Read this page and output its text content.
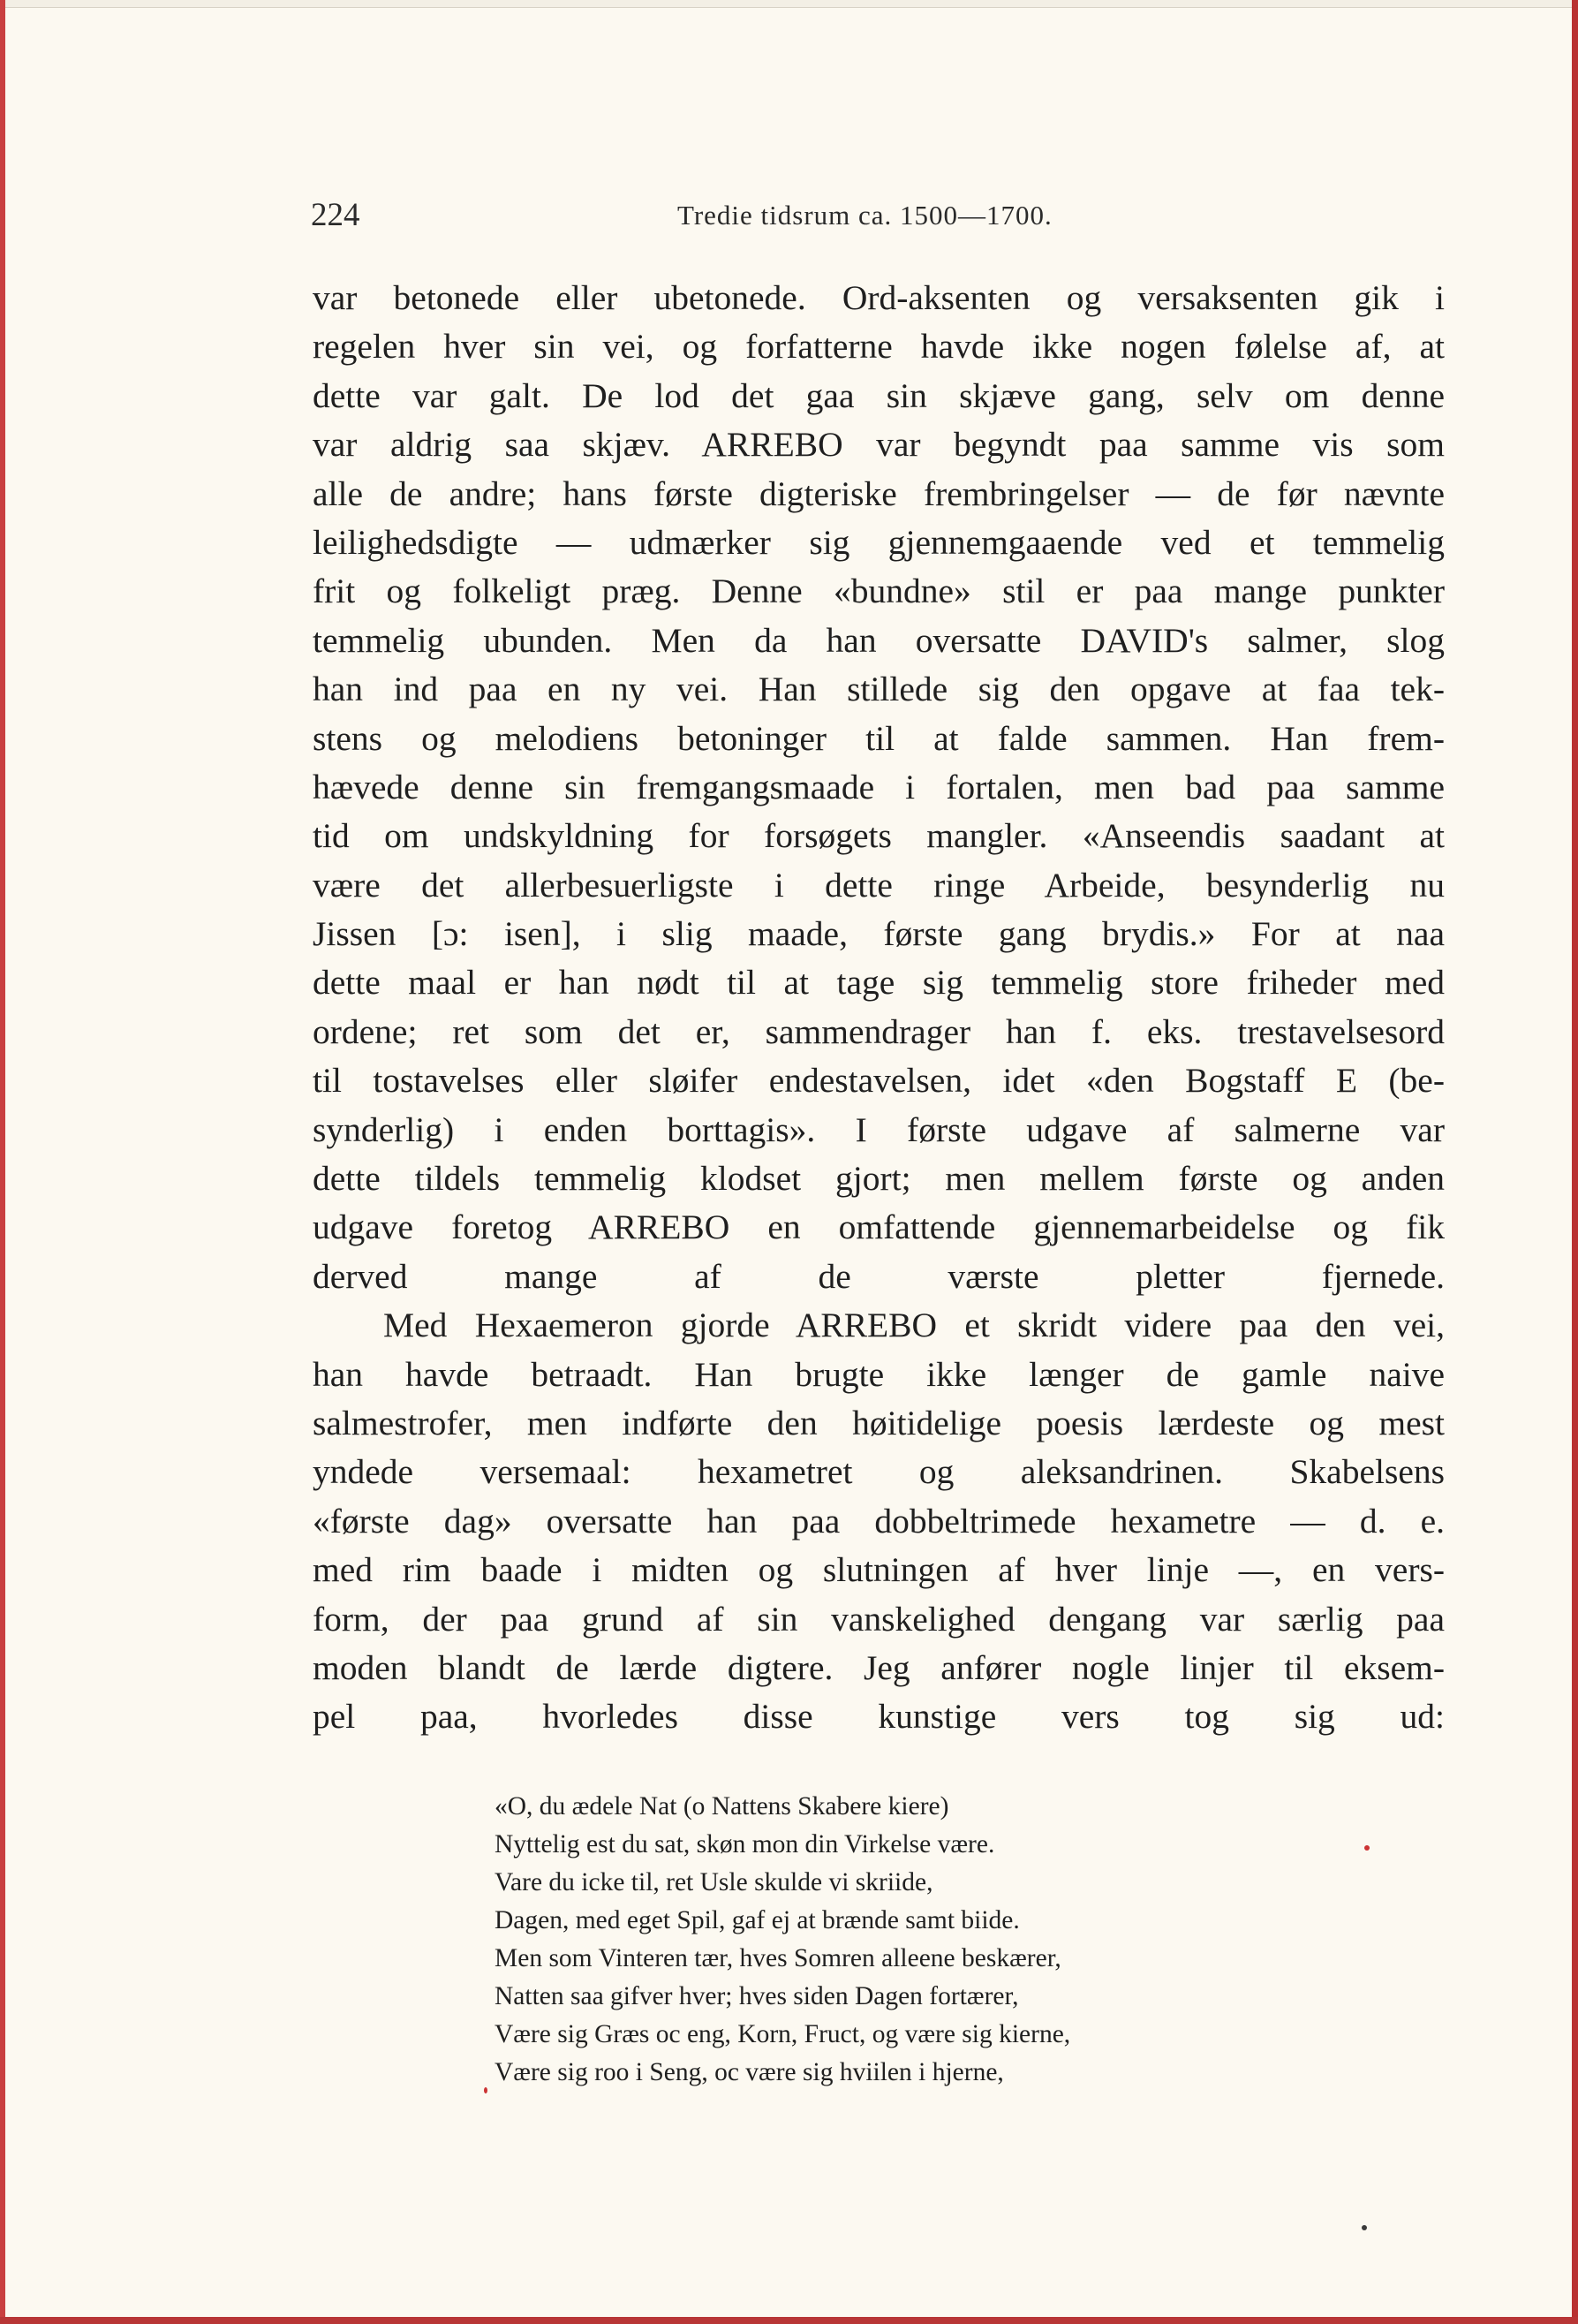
224	Tredie tidsrum ca. 1500—1700.
var betonede eller ubetonede. Ord-aksenten og versaksenten gik i
regelen hver sin vei, og forfatterne havde ikke nogen følelse af, at
dette var galt. De lod det gaa sin skjæve gang, selv om denne
var aldrig saa skjæv. ARREBO var begyndt paa samme vis som
alle de andre; hans første digteriske frembringelser — de før nævnte
leilighedsdigte — udmærker sig gjennemgaaende ved et temmelig
frit og folkeligt præg. Denne «bundne» stil er paa mange punkter
temmelig ubunden. Men da han oversatte DAVID's salmer, slog
han ind paa en ny vei. Han stillede sig den opgave at faa tek-
stens og melodiens betoninger til at falde sammen. Han frem-
hævede denne sin fremgangsmaade i fortalen, men bad paa samme
tid om undskyldning for forsøgets mangler. «Anseendis saadant at
være det allerbesuerligste i dette ringe Arbeide, besynderlig nu
Jissen [ɔ: isen], i slig maade, første gang brydis.» For at naa
dette maal er han nødt til at tage sig temmelig store friheder med
ordene; ret som det er, sammendrager han f. eks. trestavelsesord
til tostavelses eller sløifer endestavelsen, idet «den Bogstaff E (be-
synderlig) i enden borttagis». I første udgave af salmerne var
dette tildels temmelig klodset gjort; men mellem første og anden
udgave foretog ARREBO en omfattende gjennemarbeidelse og fik
derved mange af de værste pletter fjernede.
Med Hexaemeron gjorde ARREBO et skridt videre paa den vei,
han havde betraadt. Han brugte ikke længer de gamle naive
salmestrofer, men indførte den høitidelige poesis lærdeste og mest
yndede versemaal: hexametret og aleksandrinen. Skabelsens
«første dag» oversatte han paa dobbeltrimede hexametre — d. e.
med rim baade i midten og slutningen af hver linje —, en vers-
form, der paa grund af sin vanskelighed dengang var særlig paa
moden blandt de lærde digtere. Jeg anfører nogle linjer til eksem-
pel paa, hvorledes disse kunstige vers tog sig ud:
«O, du ædele Nat (o Nattens Skabere kiere)
Nyttelig est du sat, skøn mon din Virkelse være.
Vare du icke til, ret Usle skulde vi skriide,
Dagen, med eget Spil, gaf ej at brænde samt biide.
Men som Vinteren tær, hves Somren alleene beskærer,
Natten saa gifver hver; hves siden Dagen fortærer,
Være sig Græs oc eng, Korn, Fruct, og være sig kierne,
Være sig roo i Seng, oc være sig hviilen i hjerne,
